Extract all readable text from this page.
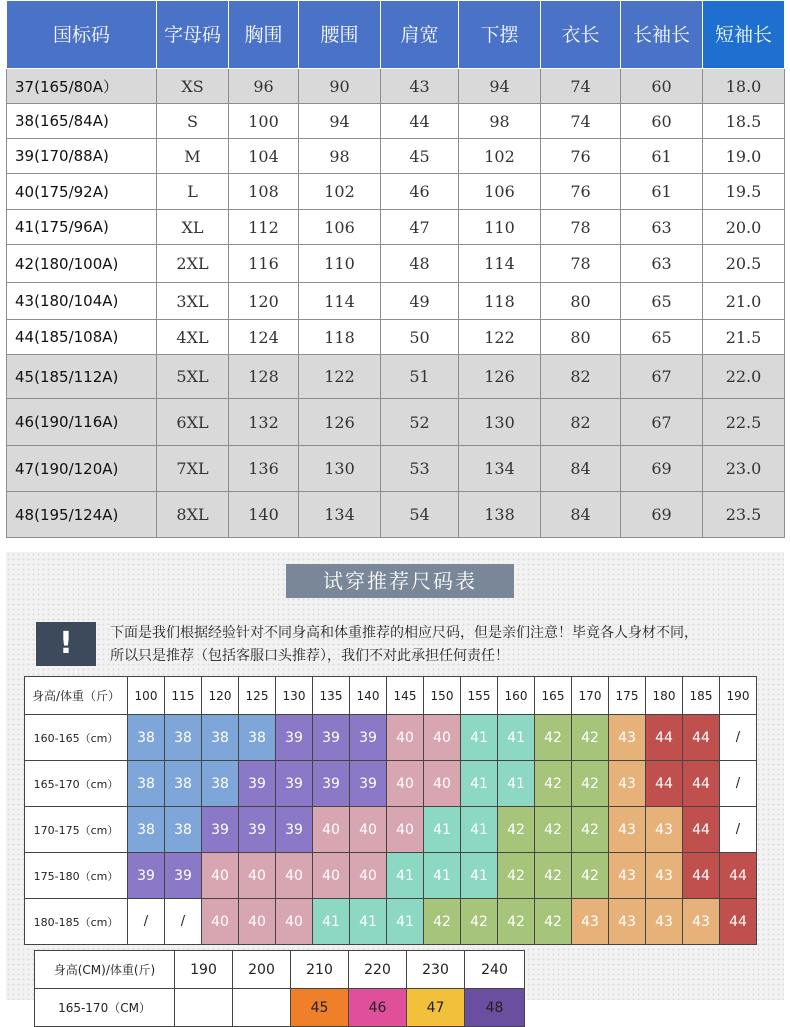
国标码	字母码	胸围	腰围	肩宽	下摆	衣长	长袖长	短袖长
37(165/80A）	XS	96	90	43	94	74	60	18.0
38(165/84A)	S	100	94	44	98	74	60	18.5
39(170/88A)	M	104	98	45	102	76	61	19.0
40(175/92A)	L	108	102	46	106	76	61	19.5
41(175/96A)	XL	112	106	47	110	78	63	20.0
42(180/100A)	2XL	116	110	48	114	78	63	20.5
43(180/104A)	3XL	120	114	49	118	80	65	21.0
44(185/108A)	4XL	124	118	50	122	80	65	21.5
45(185/112A)	5XL	128	122	51	126	82	67	22.0
46(190/116A)	6XL	132	126	52	130	82	67	22.5
47(190/120A)	7XL	136	130	53	134	84	69	23.0
48(195/124A)	8XL	140	134	54	138	84	69	23.5
试穿推荐尺码表
!	下面是我们根据经验针对不同身高和体重推荐的相应尺码，但是亲们注意！毕竟各人身材不同，
所以只是推荐（包括客服口头推荐），我们不对此承担任何责任！
身高/体重（斤）	100	115	120	125	130	135	140	145	150	155	160	165	170	175	180	185	190
160-165（cm）	38	38	38	38	39	39	39	40	40	41	41	42	42	43	44	44	/
165-170（cm）	38	38	38	39	39	39	39	40	40	41	41	42	42	43	44	44	/
170-175（cm）	38	38	39	39	39	40	40	40	41	41	42	42	42	43	43	44	/
175-180（cm）	39	39	40	40	40	40	40	41	41	41	42	42	42	43	43	44	44
180-185（cm）	/	/	40	40	40	41	41	41	42	42	42	42	43	43	43	43	44
身高(CM)/体重(斤)	190	200	210	220	230	240	
165-170（CM）			45	46	47	48	
